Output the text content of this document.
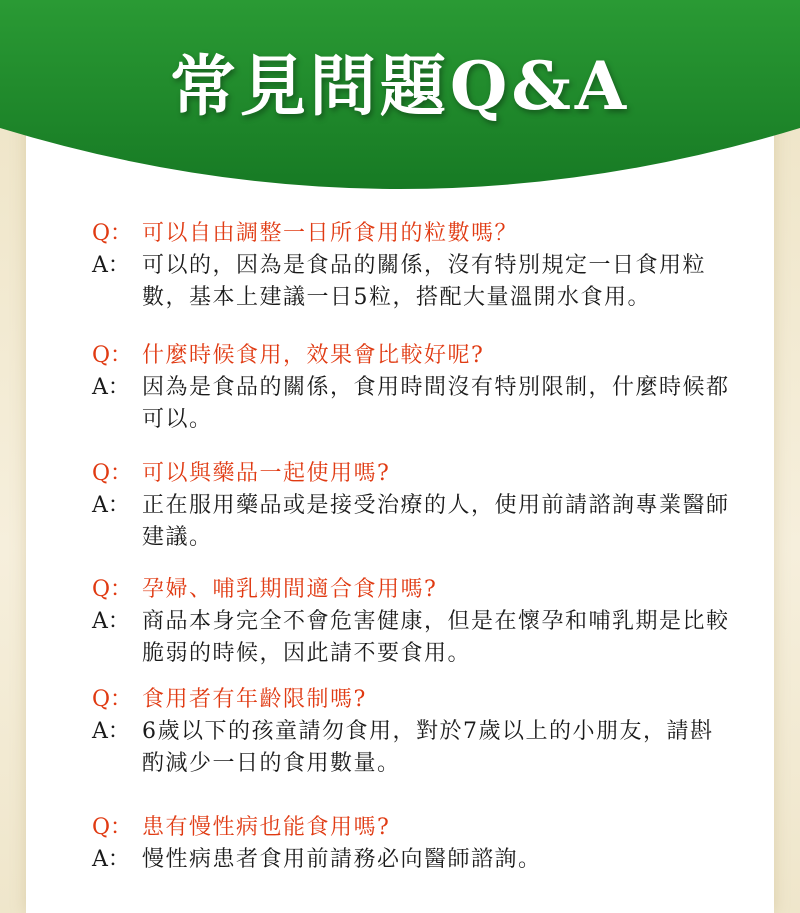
常見問題Q&A
Q： 可以自由調整一日所食用的粒數嗎？
A： 可以的，因為是食品的關係，沒有特別規定一日食用粒數，基本上建議一日5粒，搭配大量溫開水食用。
Q： 什麼時候食用，效果會比較好呢?
A： 因為是食品的關係，食用時間沒有特別限制，什麼時候都可以。
Q： 可以與藥品一起使用嗎?
A： 正在服用藥品或是接受治療的人，使用前請諮詢專業醫師建議。
Q： 孕婦、哺乳期間適合食用嗎?
A： 商品本身完全不會危害健康，但是在懷孕和哺乳期是比較脆弱的時候，因此請不要食用。
Q： 食用者有年齡限制嗎?
A： 6歲以下的孩童請勿食用，對於7歲以上的小朋友，請斟酌減少一日的食用數量。
Q： 患有慢性病也能食用嗎?
A： 慢性病患者食用前請務必向醫師諮詢。
